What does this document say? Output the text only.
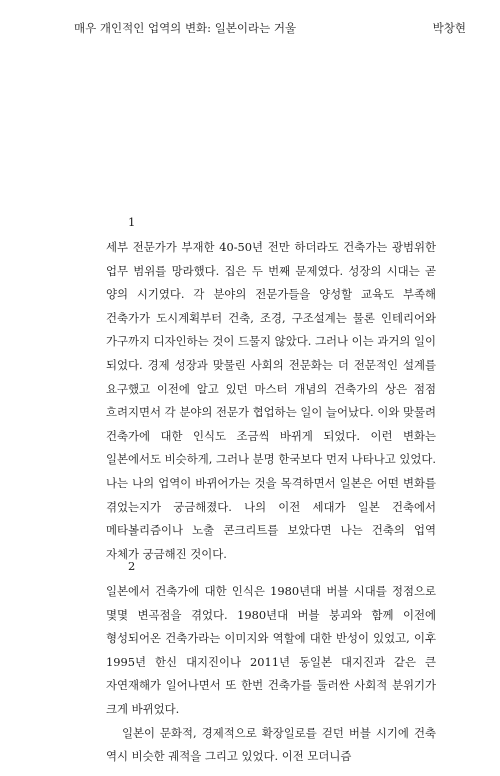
매우 개인적인 업역의 변화: 일본이라는 거울	박창현
1

세부 전문가가 부재한 40-50년 전만 하더라도 건축가는 광범위한 업무 범위를 망라했다. 집은 두 번째 문제였다. 성장의 시대는 곧 양의 시기였다. 각 분야의 전문가들을 양성할 교육도 부족해 건축가가 도시계획부터 건축, 조경, 구조설계는 물론 인테리어와 가구까지 디자인하는 것이 드물지 않았다. 그러나 이는 과거의 일이 되었다. 경제 성장과 맞물린 사회의 전문화는 더 전문적인 설계를 요구했고 이전에 알고 있던 마스터 개념의 건축가의 상은 점점 흐려지면서 각 분야의 전문가 협업하는 일이 늘어났다. 이와 맞물려 건축가에 대한 인식도 조금씩 바뀌게 되었다. 이런 변화는 일본에서도 비슷하게, 그러나 분명 한국보다 먼저 나타나고 있었다. 나는 나의 업역이 바뀌어가는 것을 목격하면서 일본은 어떤 변화를 겪었는지가 궁금해졌다. 나의 이전 세대가 일본 건축에서 메타볼리즘이나 노출 콘크리트를 보았다면 나는 건축의 업역 자체가 궁금해진 것이다.

2

일본에서 건축가에 대한 인식은 1980년대 버블 시대를 정점으로 몇몇 변곡점을 겪었다. 1980년대 버블 붕괴와 함께 이전에 형성되어온 건축가라는 이미지와 역할에 대한 반성이 있었고, 이후 1995년 한신 대지진이나 2011년 동일본 대지진과 같은 큰 자연재해가 일어나면서 또 한번 건축가를 둘러싼 사회적 분위기가 크게 바뀌었다.

일본이 문화적, 경제적으로 확장일로를 걷던 버블 시기에 건축 역시 비슷한 궤적을 그리고 있었다. 이전 모더니즘
